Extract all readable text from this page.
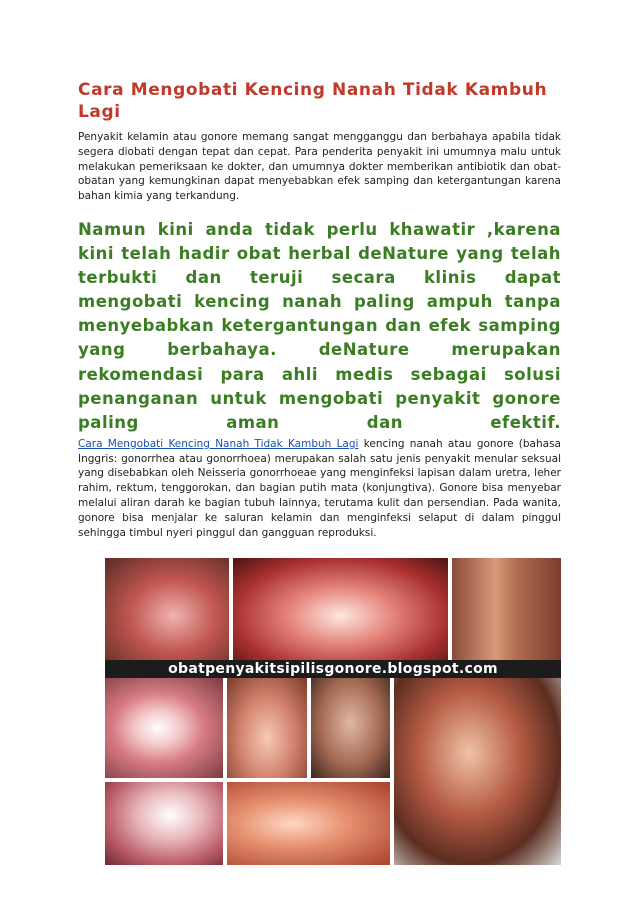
Cara Mengobati Kencing Nanah Tidak Kambuh Lagi

Penyakit kelamin atau gonore memang sangat mengganggu dan berbahaya apabila tidak segera diobati dengan tepat dan cepat. Para penderita penyakit ini umumnya malu untuk melakukan pemeriksaan ke dokter, dan umumnya dokter memberikan antibiotik dan obat-obatan yang kemungkinan dapat menyebabkan efek samping dan ketergantungan karena bahan kimia yang terkandung.

Namun kini anda tidak perlu khawatir ,karena kini telah hadir obat herbal deNature yang telah terbukti dan teruji secara klinis dapat mengobati kencing nanah paling ampuh tanpa menyebabkan ketergantungan dan efek samping yang berbahaya. deNature merupakan rekomendasi para ahli medis sebagai solusi penanganan untuk mengobati penyakit gonore paling aman dan efektif.

Cara Mengobati Kencing Nanah Tidak Kambuh Lagi kencing nanah atau gonore (bahasa Inggris: gonorrhea atau gonorrhoea) merupakan salah satu jenis penyakit menular seksual yang disebabkan oleh Neisseria gonorrhoeae yang menginfeksi lapisan dalam uretra, leher rahim, rektum, tenggorokan, dan bagian putih mata (konjungtiva). Gonore bisa menyebar melalui aliran darah ke bagian tubuh lainnya, terutama kulit dan persendian. Pada wanita, gonore bisa menjalar ke saluran kelamin dan menginfeksi selaput di dalam pinggul sehingga timbul nyeri pinggul dan gangguan reproduksi.

obatpenyakitsipilisgonore.blogspot.com
